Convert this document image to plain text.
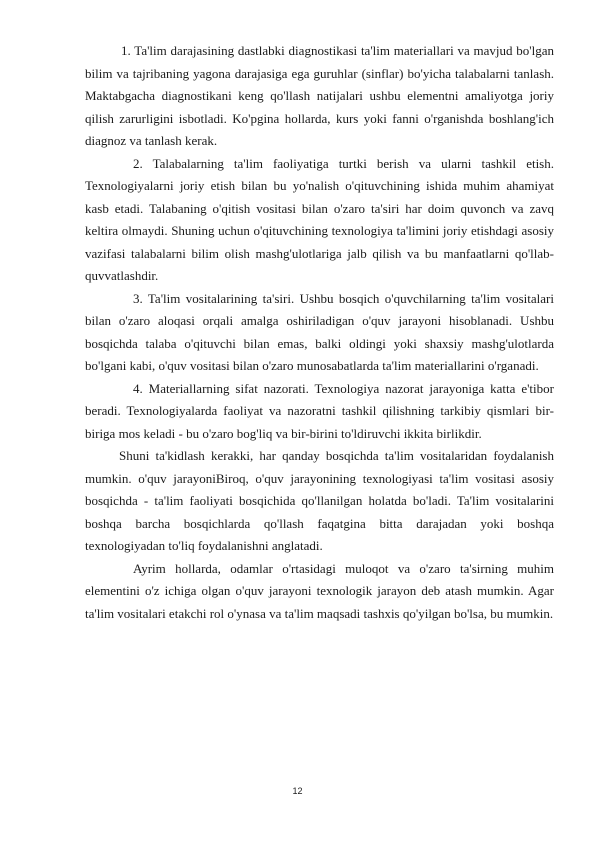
1. Ta'lim darajasining dastlabki diagnostikasi ta'lim materiallari va mavjud bo'lgan bilim va tajribaning yagona darajasiga ega guruhlar (sinflar) bo'yicha talabalarni tanlash. Maktabgacha diagnostikani keng qo'llash natijalari ushbu elementni amaliyotga joriy qilish zarurligini isbotladi. Ko'pgina hollarda, kurs yoki fanni o'rganishda boshlang'ich diagnoz va tanlash kerak.

2. Talabalarning ta'lim faoliyatiga turtki berish va ularni tashkil etish. Texnologiyalarni joriy etish bilan bu yo'nalish o'qituvchining ishida muhim ahamiyat kasb etadi. Talabaning o'qitish vositasi bilan o'zaro ta'siri har doim quvonch va zavq keltira olmaydi. Shuning uchun o'qituvchining texnologiya ta'limini joriy etishdagi asosiy vazifasi talabalarni bilim olish mashg'ulotlariga jalb qilish va bu manfaatlarni qo'llab-quvvatlashdir.

3. Ta'lim vositalarining ta'siri. Ushbu bosqich o'quvchilarning ta'lim vositalari bilan o'zaro aloqasi orqali amalga oshiriladigan o'quv jarayoni hisoblanadi. Ushbu bosqichda talaba o'qituvchi bilan emas, balki oldingi yoki shaxsiy mashg'ulotlarda bo'lgani kabi, o'quv vositasi bilan o'zaro munosabatlarda ta'lim materiallarini o'rganadi.

4. Materiallarning sifat nazorati. Texnologiya nazorat jarayoniga katta e'tibor beradi. Texnologiyalarda faoliyat va nazoratni tashkil qilishning tarkibiy qismlari bir-biriga mos keladi - bu o'zaro bog'liq va bir-birini to'ldiruvchi ikkita birlikdir.

Shuni ta'kidlash kerakki, har qanday bosqichda ta'lim vositalaridan foydalanish mumkin. o'quv jarayoniBiroq, o'quv jarayonining texnologiyasi ta'lim vositasi asosiy bosqichda - ta'lim faoliyati bosqichida qo'llanilgan holatda bo'ladi. Ta'lim vositalarini boshqa barcha bosqichlarda qo'llash faqatgina bitta darajadan yoki boshqa texnologiyadan to'liq foydalanishni anglatadi.

Ayrim hollarda, odamlar o'rtasidagi muloqot va o'zaro ta'sirning muhim elementini o'z ichiga olgan o'quv jarayoni texnologik jarayon deb atash mumkin. Agar ta'lim vositalari etakchi rol o'ynasa va ta'lim maqsadi tashxis qo'yilgan bo'lsa, bu mumkin.

12
